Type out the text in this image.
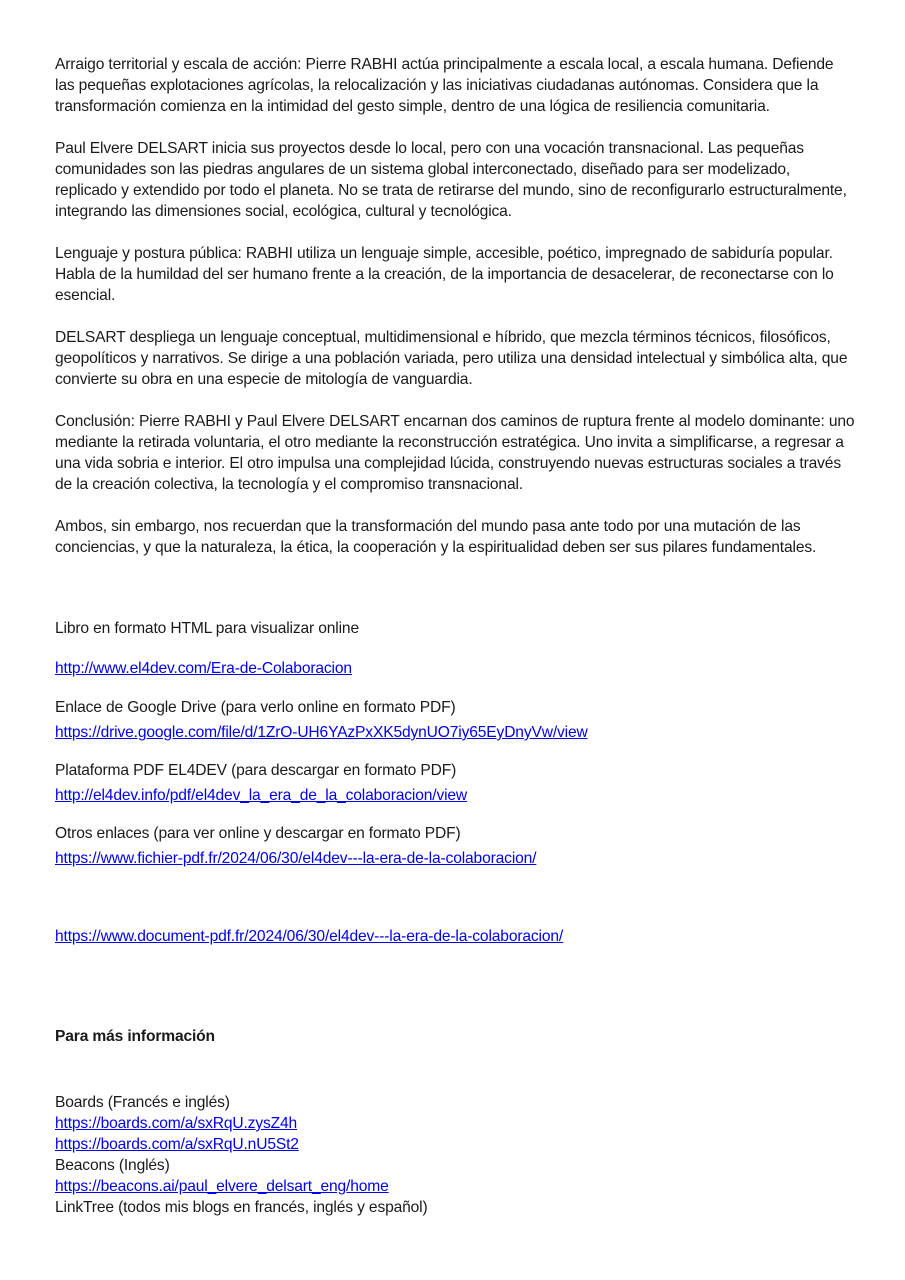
Arraigo territorial y escala de acción: Pierre RABHI actúa principalmente a escala local, a escala humana. Defiende las pequeñas explotaciones agrícolas, la relocalización y las iniciativas ciudadanas autónomas. Considera que la transformación comienza en la intimidad del gesto simple, dentro de una lógica de resiliencia comunitaria.

Paul Elvere DELSART inicia sus proyectos desde lo local, pero con una vocación transnacional. Las pequeñas comunidades son las piedras angulares de un sistema global interconectado, diseñado para ser modelizado, replicado y extendido por todo el planeta. No se trata de retirarse del mundo, sino de reconfigurarlo estructuralmente, integrando las dimensiones social, ecológica, cultural y tecnológica.

Lenguaje y postura pública: RABHI utiliza un lenguaje simple, accesible, poético, impregnado de sabiduría popular. Habla de la humildad del ser humano frente a la creación, de la importancia de desacelerar, de reconectarse con lo esencial.

DELSART despliega un lenguaje conceptual, multidimensional e híbrido, que mezcla términos técnicos, filosóficos, geopolíticos y narrativos. Se dirige a una población variada, pero utiliza una densidad intelectual y simbólica alta, que convierte su obra en una especie de mitología de vanguardia.

Conclusión: Pierre RABHI y Paul Elvere DELSART encarnan dos caminos de ruptura frente al modelo dominante: uno mediante la retirada voluntaria, el otro mediante la reconstrucción estratégica. Uno invita a simplificarse, a regresar a una vida sobria e interior. El otro impulsa una complejidad lúcida, construyendo nuevas estructuras sociales a través de la creación colectiva, la tecnología y el compromiso transnacional.

Ambos, sin embargo, nos recuerdan que la transformación del mundo pasa ante todo por una mutación de las conciencias, y que la naturaleza, la ética, la cooperación y la espiritualidad deben ser sus pilares fundamentales.

Libro en formato HTML para visualizar online
http://www.el4dev.com/Era-de-Colaboracion
Enlace de Google Drive (para verlo online en formato PDF)
https://drive.google.com/file/d/1ZrO-UH6YAzPxXK5dynUO7iy65EyDnyVw/view
Plataforma PDF EL4DEV (para descargar en formato PDF)
http://el4dev.info/pdf/el4dev_la_era_de_la_colaboracion/view
Otros enlaces (para ver online y descargar en formato PDF)
https://www.fichier-pdf.fr/2024/06/30/el4dev---la-era-de-la-colaboracion/
https://www.document-pdf.fr/2024/06/30/el4dev---la-era-de-la-colaboracion/
Para más información
Boards (Francés e inglés)
https://boards.com/a/sxRqU.zysZ4h
https://boards.com/a/sxRqU.nU5St2
Beacons (Inglés)
https://beacons.ai/paul_elvere_delsart_eng/home
LinkTree (todos mis blogs en francés, inglés y español)
